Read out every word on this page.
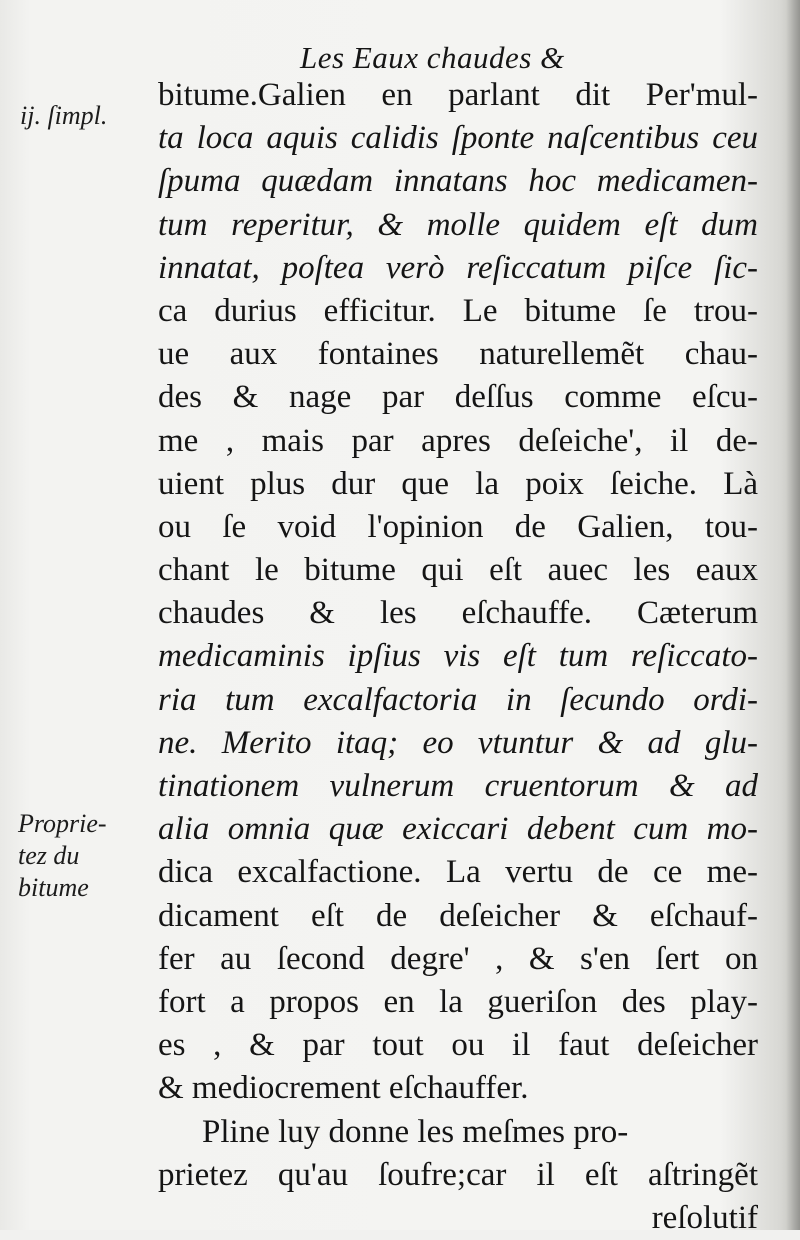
Les Eaux chaudes &
ij. ſimpl.
Proprie-
tez du
bitume
bitume.Galien en parlant dit Per'mul-
ta loca aquis calidis ſponte naſcentibus ceu
ſpuma quædam innatans hoc medicamen-
tum reperitur, & molle quidem eſt dum
innatat, poſtea verò reſiccatum piſce ſic-
ca durius efficitur. Le bitume ſe trou-
ue aux fontaines naturellemẽt chau-
des & nage par deſſus comme eſcu-
me , mais par apres deſeiche', il de-
uient plus dur que la poix ſeiche. Là
ou ſe void l'opinion de Galien, tou-
chant le bitume qui eſt auec les eaux
chaudes & les eſchauffe. Cæterum
medicaminis ipſius vis eſt tum reſiccato-
ria tum excalfactoria in ſecundo ordi-
ne. Merito itaq; eo vtuntur & ad glu-
tinationem vulnerum cruentorum & ad
alia omnia quæ exiccari debent cum mo-
dica excalfactione. La vertu de ce me-
dicament eſt de deſeicher & eſchauf-
fer au ſecond degre' , & s'en ſert on
fort a propos en la gueriſon des play-
es , & par tout ou il faut deſeicher
& mediocrement eſchauffer.
Pline luy donne les meſmes pro-
prietez qu'au ſoufre;car il eſt aſtringẽt
reſolutif
